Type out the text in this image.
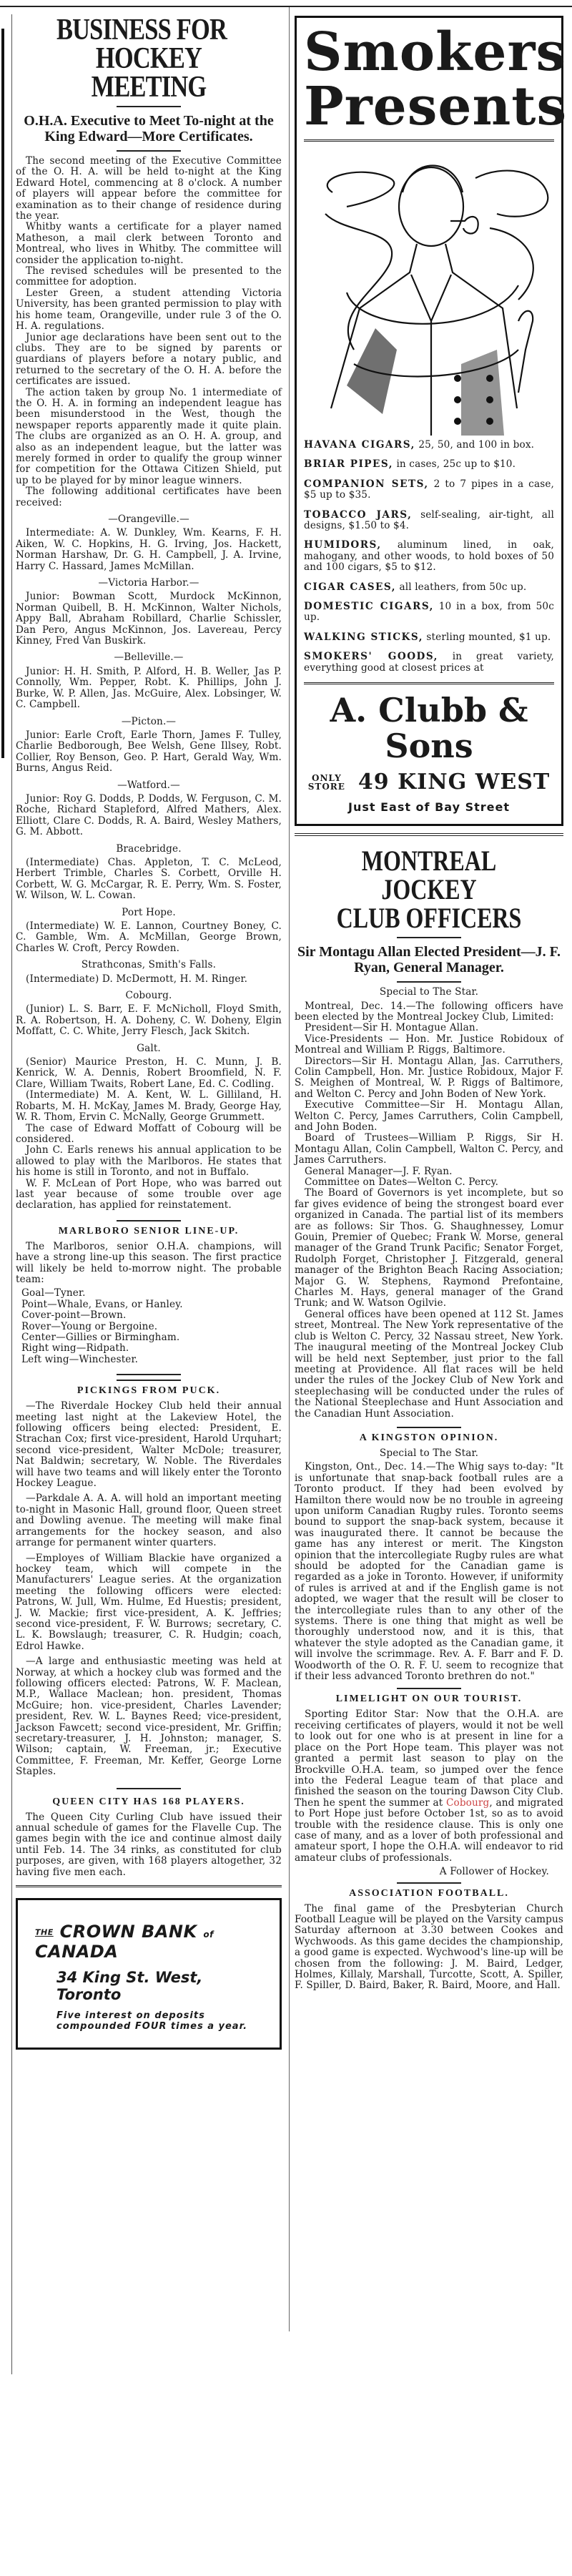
BUSINESS FOR
HOCKEY MEETING
O.H.A. Executive to Meet To-night at the King Edward—More Certificates.

The second meeting of the Executive Committee of the O. H. A. will be held to-night at the King Edward Hotel, commencing at 8 o'clock. A number of players will appear before the committee for examination as to their change of residence during the year.

Whitby wants a certificate for a player named Matheson, a mail clerk between Toronto and Montreal, who lives in Whitby. The committee will consider the application to-night.

The revised schedules will be presented to the committee for adoption.

Lester Green, a student attending Victoria University, has been granted permission to play with his home team, Orangeville, under rule 3 of the O. H. A. regulations.

Junior age declarations have been sent out to the clubs. They are to be signed by parents or guardians of players before a notary public, and returned to the secretary of the O. H. A. before the certificates are issued.

The action taken by group No. 1 intermediate of the O. H. A. in forming an independent league has been misunderstood in the West, though the newspaper reports apparently made it quite plain. The clubs are organized as an O. H. A. group, and also as an independent league, but the latter was merely formed in order to qualify the group winner for competition for the Ottawa Citizen Shield, put up to be played for by minor league winners.

The following additional certificates have been received:

—Orangeville.—

Intermediate: A. W. Dunkley, Wm. Kearns, F. H. Aiken, W. C. Hopkins, H. G. Irving, Jos. Hackett, Norman Harshaw, Dr. G. H. Campbell, J. A. Irvine, Harry C. Hassard, James McMillan.

—Victoria Harbor.—

Junior: Bowman Scott, Murdock McKinnon, Norman Quibell, B. H. McKinnon, Walter Nichols, Appy Ball, Abraham Robillard, Charlie Schissler, Dan Pero, Angus McKinnon, Jos. Lavereau, Percy Kinney, Fred Van Buskirk.

—Belleville.—

Junior: H. H. Smith, P. Alford, H. B. Weller, Jas P. Connolly, Wm. Pepper, Robt. K. Phillips, John J. Burke, W. P. Allen, Jas. McGuire, Alex. Lobsinger, W. C. Campbell.

—Picton.—

Junior: Earle Croft, Earle Thorn, James F. Tulley, Charlie Bedborough, Bee Welsh, Gene Illsey, Robt. Collier, Roy Benson, Geo. P. Hart, Gerald Way, Wm. Burns, Angus Reid.

—Watford.—

Junior: Roy G. Dodds, P. Dodds, W. Ferguson, C. M. Roche, Richard Stapleford, Alfred Mathers, Alex. Elliott, Clare C. Dodds, R. A. Baird, Wesley Mathers, G. M. Abbott.

Bracebridge.

(Intermediate) Chas. Appleton, T. C. McLeod, Herbert Trimble, Charles S. Corbett, Orville H. Corbett, W. G. McCargar, R. E. Perry, Wm. S. Foster, W. Wilson, W. L. Cowan.

Port Hope.

(Intermediate) W. E. Lannon, Courtney Boney, C. C. Gamble, Wm. A. McMillan, George Brown, Charles W. Croft, Percy Rowden.

Strathconas, Smith's Falls.

(Intermediate) D. McDermott, H. M. Ringer.

Cobourg.

(Junior) L. S. Barr, E. F. McNicholl, Floyd Smith, R. A. Robertson, H. A. Doheny, C. W. Doheny, Elgin Moffatt, C. C. White, Jerry Flesch, Jack Skitch.

Galt.

(Senior) Maurice Preston, H. C. Munn, J. B. Kenrick, W. A. Dennis, Robert Broomfield, N. F. Clare, William Twaits, Robert Lane, Ed. C. Codling.

(Intermediate) M. A. Kent, W. L. Gilliland, H. Robarts, M. H. McKay, James M. Brady, George Hay, W. R. Thom, Ervin C. McNally, George Grummett.

The case of Edward Moffatt of Cobourg will be considered.

John C. Earls renews his annual application to be allowed to play with the Marlboros. He states that his home is still in Toronto, and not in Buffalo.

W. F. McLean of Port Hope, who was barred out last year because of some trouble over age declaration, has applied for reinstatement.

MARLBORO SENIOR LINE-UP.

The Marlboros, senior O.H.A. champions, will have a strong line-up this season. The first practice will likely be held to-morrow night. The probable team:

Goal—Tyner.

Point—Whale, Evans, or Hanley.

Cover-point—Brown.

Rover—Young or Bergoine.

Center—Gillies or Birmingham.

Right wing—Ridpath.

Left wing—Winchester.

PICKINGS FROM PUCK.

—The Riverdale Hockey Club held their annual meeting last night at the Lakeview Hotel, the following officers being elected: President, E. Strachan Cox; first vice-president, Harold Urquhart; second vice-president, Walter McDole; treasurer, Nat Baldwin; secretary, W. Noble. The Riverdales will have two teams and will likely enter the Toronto Hockey League.

—Parkdale A. A. A. will hold an important meeting to-night in Masonic Hall, ground floor, Queen street and Dowling avenue. The meeting will make final arrangements for the hockey season, and also arrange for permanent winter quarters.

—Employes of William Blackie have organized a hockey team, which will compete in the Manufacturers' League series. At the organization meeting the following officers were elected: Patrons, W. Jull, Wm. Hulme, Ed Huestis; president, J. W. Mackie; first vice-president, A. K. Jeffries; second vice-president, F. W. Burrows; secretary, C. L. K. Bowslaugh; treasurer, C. R. Hudgin; coach, Edrol Hawke.

—A large and enthusiastic meeting was held at Norway, at which a hockey club was formed and the following officers elected: Patrons, W. F. Maclean, M.P., Wallace Maclean; hon. president, Thomas McGuire; hon. vice-president, Charles Lavender; president, Rev. W. L. Baynes Reed; vice-president, Jackson Fawcett; second vice-president, Mr. Griffin; secretary-treasurer, J. H. Johnston; manager, S. Wilson; captain, W. Freeman, jr.; Executive Committee, F. Freeman, Mr. Keffer, George Lorne Staples.

QUEEN CITY HAS 168 PLAYERS.

The Queen City Curling Club have issued their annual schedule of games for the Flavelle Cup. The games begin with the ice and continue almost daily until Feb. 14. The 34 rinks, as constituted for club purposes, are given, with 168 players altogether, 32 having five men each.

THE CROWN BANK of CANADA
34 King St. West, Toronto
Five interest on deposits compounded FOUR times a year.
Smokers
Presents

HAVANA CIGARS, 25, 50, and 100 in box.

BRIAR PIPES, in cases, 25c up to $10.

COMPANION SETS, 2 to 7 pipes in a case, $5 up to $35.

TOBACCO JARS, self-sealing, air-tight, all designs, $1.50 to $4.

HUMIDORS, aluminum lined, in oak, mahogany, and other woods, to hold boxes of 50 and 100 cigars, $5 to $12.

CIGAR CASES, all leathers, from 50c up.

DOMESTIC CIGARS, 10 in a box, from 50c up.

WALKING STICKS, sterling mounted, $1 up.

SMOKERS' GOODS, in great variety, everything good at closest prices at

A. Clubb & Sons
ONLY
STORE 49 KING WEST
Just East of Bay Street
MONTREAL JOCKEY
CLUB OFFICERS
Sir Montagu Allan Elected President—J. F. Ryan, General Manager.

Special to The Star.

Montreal, Dec. 14.—The following officers have been elected by the Montreal Jockey Club, Limited:

President—Sir H. Montague Allan.

Vice-Presidents — Hon. Mr. Justice Robidoux of Montreal and William P. Riggs, Baltimore.

Directors—Sir H. Montagu Allan, Jas. Carruthers, Colin Campbell, Hon. Mr. Justice Robidoux, Major F. S. Meighen of Montreal, W. P. Riggs of Baltimore, and Welton C. Percy and John Boden of New York.

Executive Committee—Sir H. Montagu Allan, Welton C. Percy, James Carruthers, Colin Campbell, and John Boden.

Board of Trustees—William P. Riggs, Sir H. Montagu Allan, Colin Campbell, Walton C. Percy, and James Carruthers.

General Manager—J. F. Ryan.

Committee on Dates—Welton C. Percy.

The Board of Governors is yet incomplete, but so far gives evidence of being the strongest board ever organized in Canada. The partial list of its members are as follows: Sir Thos. G. Shaughnessey, Lomur Gouin, Premier of Quebec; Frank W. Morse, general manager of the Grand Trunk Pacific; Senator Forget, Rudolph Forget, Christopher J. Fitzgerald, general manager of the Brighton Beach Racing Association; Major G. W. Stephens, Raymond Prefontaine, Charles M. Hays, general manager of the Grand Trunk; and W. Watson Ogilvie.

General offices have been opened at 112 St. James street, Montreal. The New York representative of the club is Welton C. Percy, 32 Nassau street, New York. The inaugural meeting of the Montreal Jockey Club will be held next September, just prior to the fall meeting at Providence. All flat races will be held under the rules of the Jockey Club of New York and steeplechasing will be conducted under the rules of the National Steeplechase and Hunt Association and the Canadian Hunt Association.

A KINGSTON OPINION.

Special to The Star.

Kingston, Ont., Dec. 14.—The Whig says to-day: "It is unfortunate that snap-back football rules are a Toronto product. If they had been evolved by Hamilton there would now be no trouble in agreeing upon uniform Canadian Rugby rules. Toronto seems bound to support the snap-back system, because it was inaugurated there. It cannot be because the game has any interest or merit. The Kingston opinion that the intercollegiate Rugby rules are what should be adopted for the Canadian game is regarded as a joke in Toronto. However, if uniformity of rules is arrived at and if the English game is not adopted, we wager that the result will be closer to the intercollegiate rules than to any other of the systems. There is one thing that might as well be thoroughly understood now, and it is this, that whatever the style adopted as the Canadian game, it will involve the scrimmage. Rev. A. F. Barr and F. D. Woodworth of the O. R. F. U. seem to recognize that if their less advanced Toronto brethren do not."

LIMELIGHT ON OUR TOURIST.

Sporting Editor Star: Now that the O.H.A. are receiving certificates of players, would it not be well to look out for one who is at present in line for a place on the Port Hope team. This player was not granted a permit last season to play on the Brockville O.H.A. team, so jumped over the fence into the Federal League team of that place and finished the season on the touring Dawson City Club. Then he spent the summer at Cobourg, and migrated to Port Hope just before October 1st, so as to avoid trouble with the residence clause. This is only one case of many, and as a lover of both professional and amateur sport, I hope the O.H.A. will endeavor to rid amateur clubs of professionals.

A Follower of Hockey.

ASSOCIATION FOOTBALL.

The final game of the Presbyterian Church Football League will be played on the Varsity campus Saturday afternoon at 3.30 between Cookes and Wychwoods. As this game decides the championship, a good game is expected. Wychwood's line-up will be chosen from the following: J. M. Baird, Ledger, Holmes, Killaly, Marshall, Turcotte, Scott, A. Spiller, F. Spiller, D. Baird, Baker, R. Baird, Moore, and Hall.
